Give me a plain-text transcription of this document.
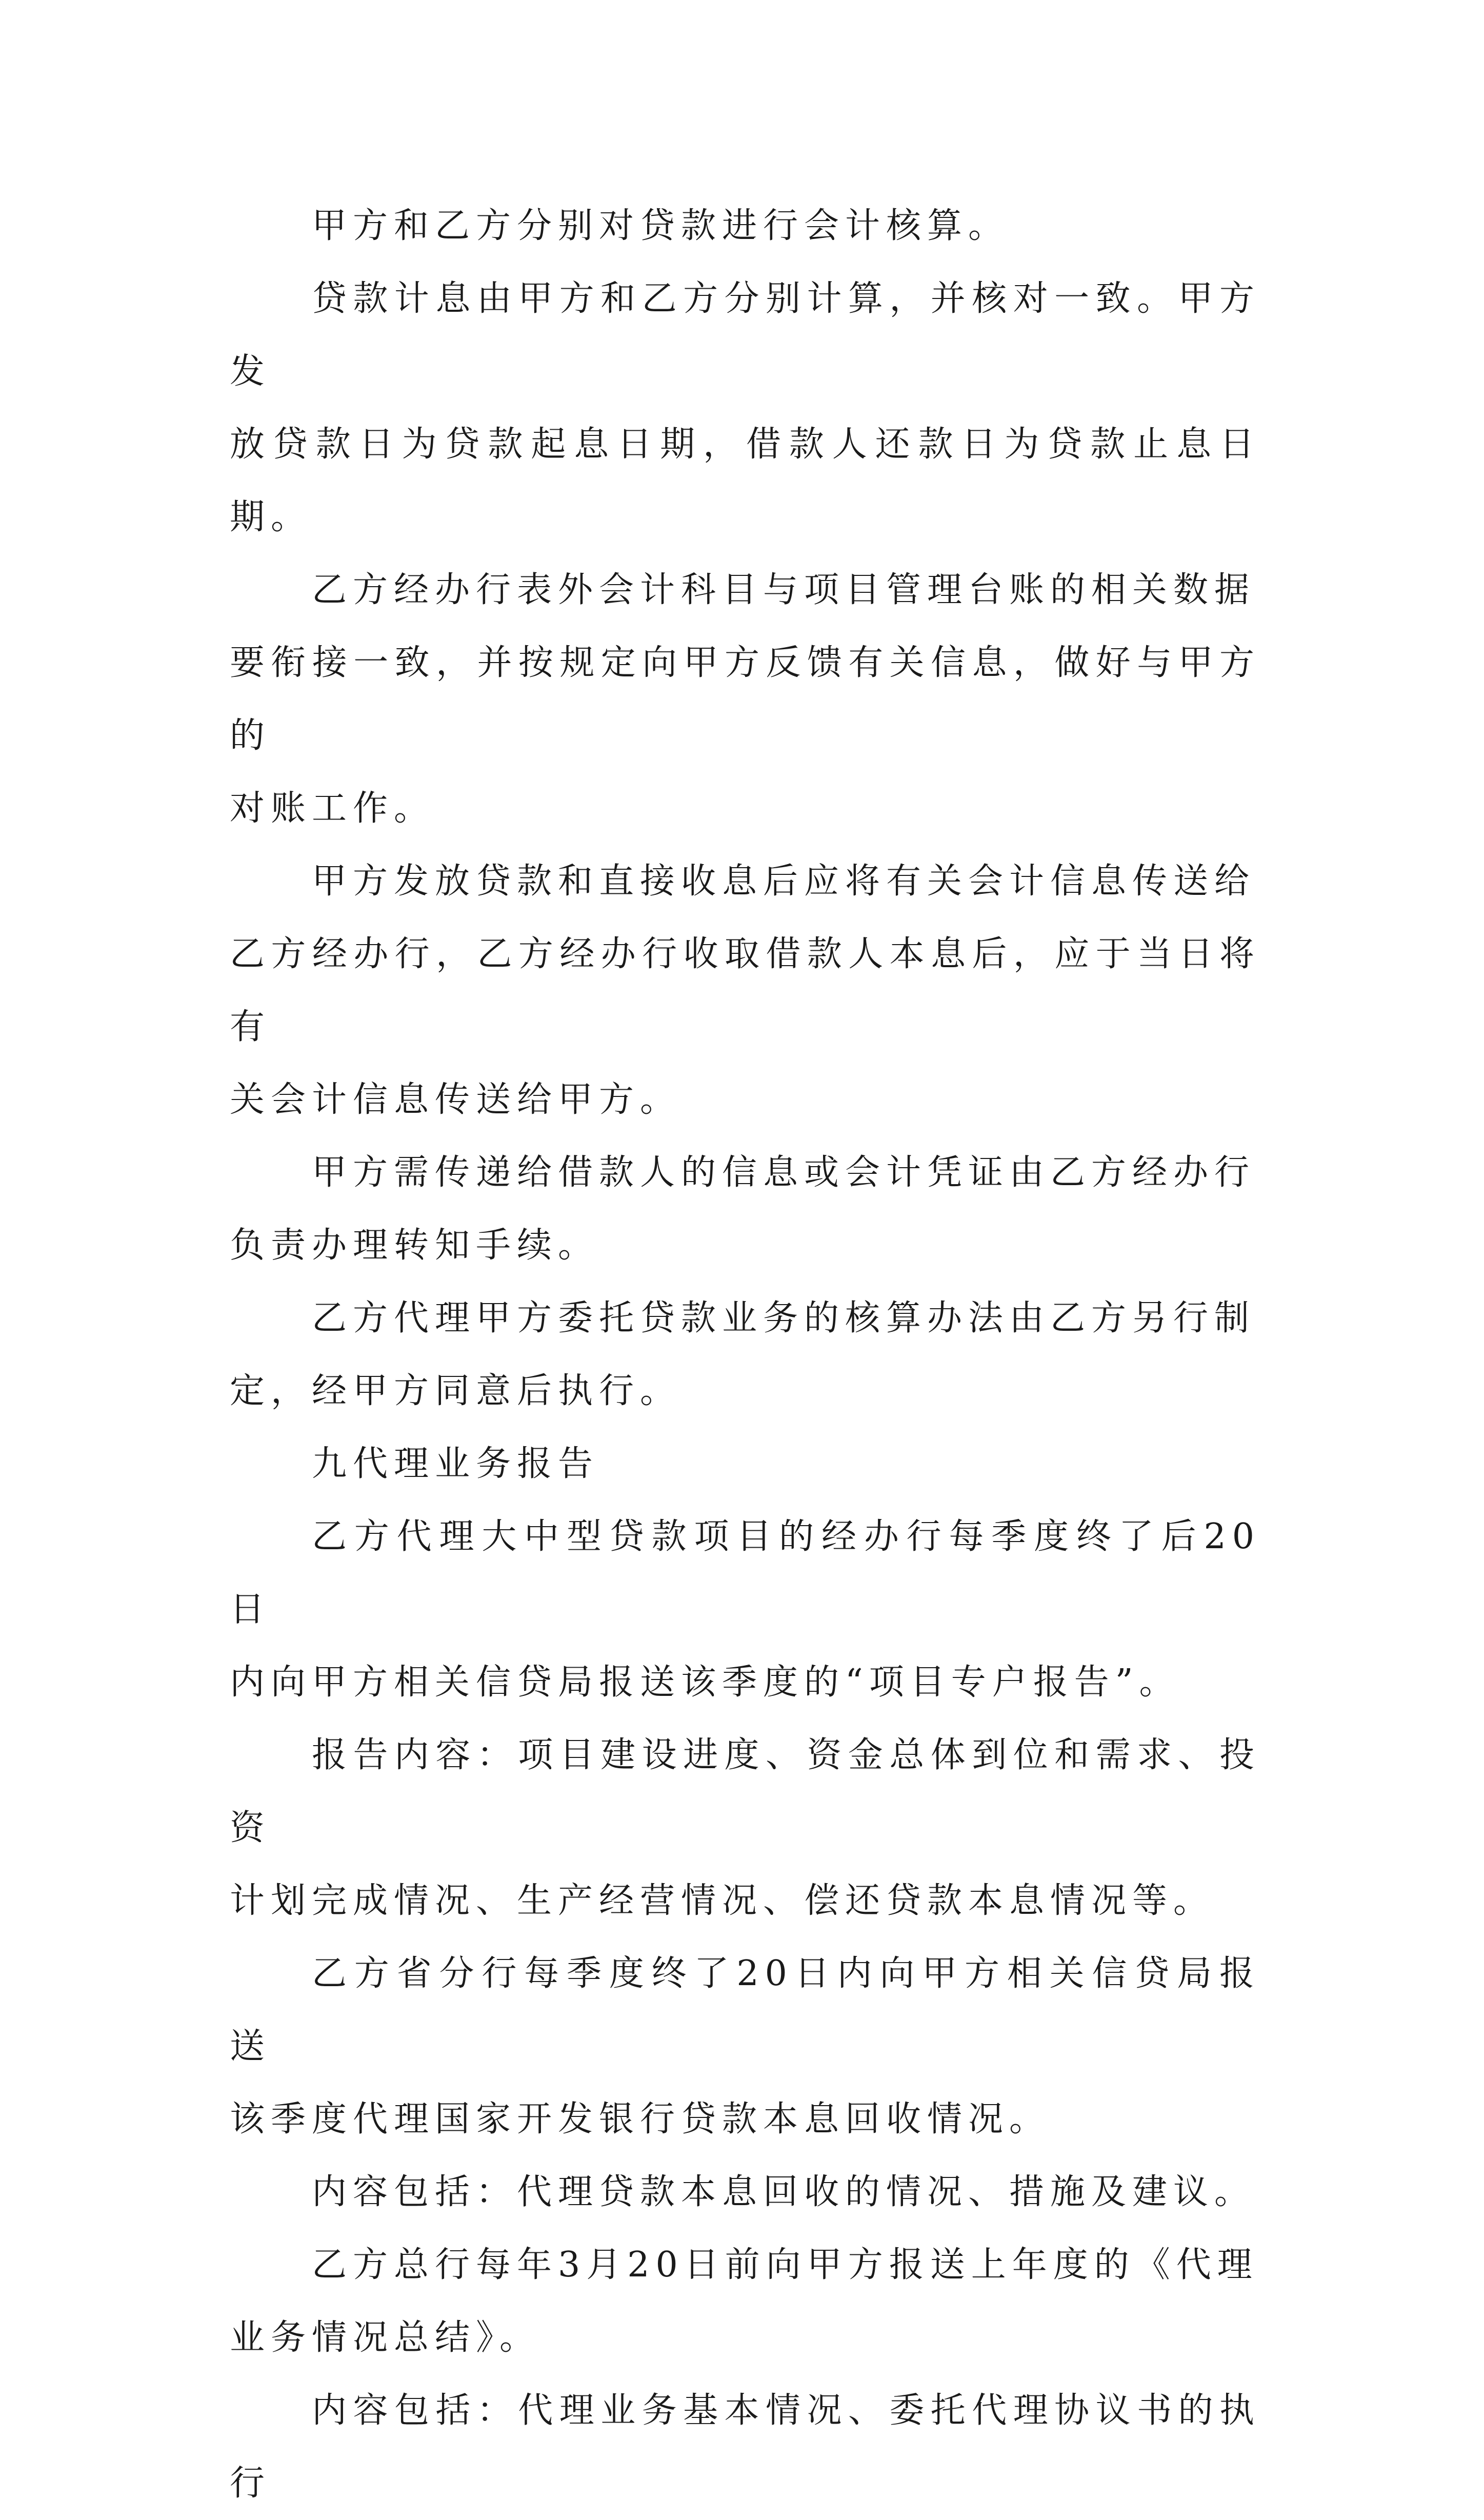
甲方和乙方分别对贷款进行会计核算。

贷款计息由甲方和乙方分别计算，并核对一致。甲方发
放贷款日为贷款起息日期，借款人还款日为贷款止息日期。

乙方经办行表外会计科目与项目管理台账的相关数据
要衔接一致，并按规定向甲方反馈有关信息，做好与甲方的
对账工作。

甲方发放贷款和直接收息后应将有关会计信息传送给
乙方经办行，乙方经办行收取借款人本息后，应于当日将有
关会计信息传送给甲方。

甲方需传递给借款人的信息或会计凭证由乙方经办行
负责办理转知手续。

乙方代理甲方委托贷款业务的核算办法由乙方另行制
定，经甲方同意后执行。

九代理业务报告

乙方代理大中型贷款项目的经办行每季度终了后20日
内向甲方相关信贷局报送该季度的“项目专户报告”。

报告内容：项目建设进度、资金总体到位和需求、投资
计划完成情况、生产经营情况、偿还贷款本息情况等。

乙方省分行每季度终了20日内向甲方相关信贷局报送
该季度代理国家开发银行贷款本息回收情况。

内容包括：代理贷款本息回收的情况、措施及建议。

乙方总行每年3月20日前向甲方报送上年度的《代理
业务情况总结》。

内容包括：代理业务基本情况、委托代理协议书的执行
